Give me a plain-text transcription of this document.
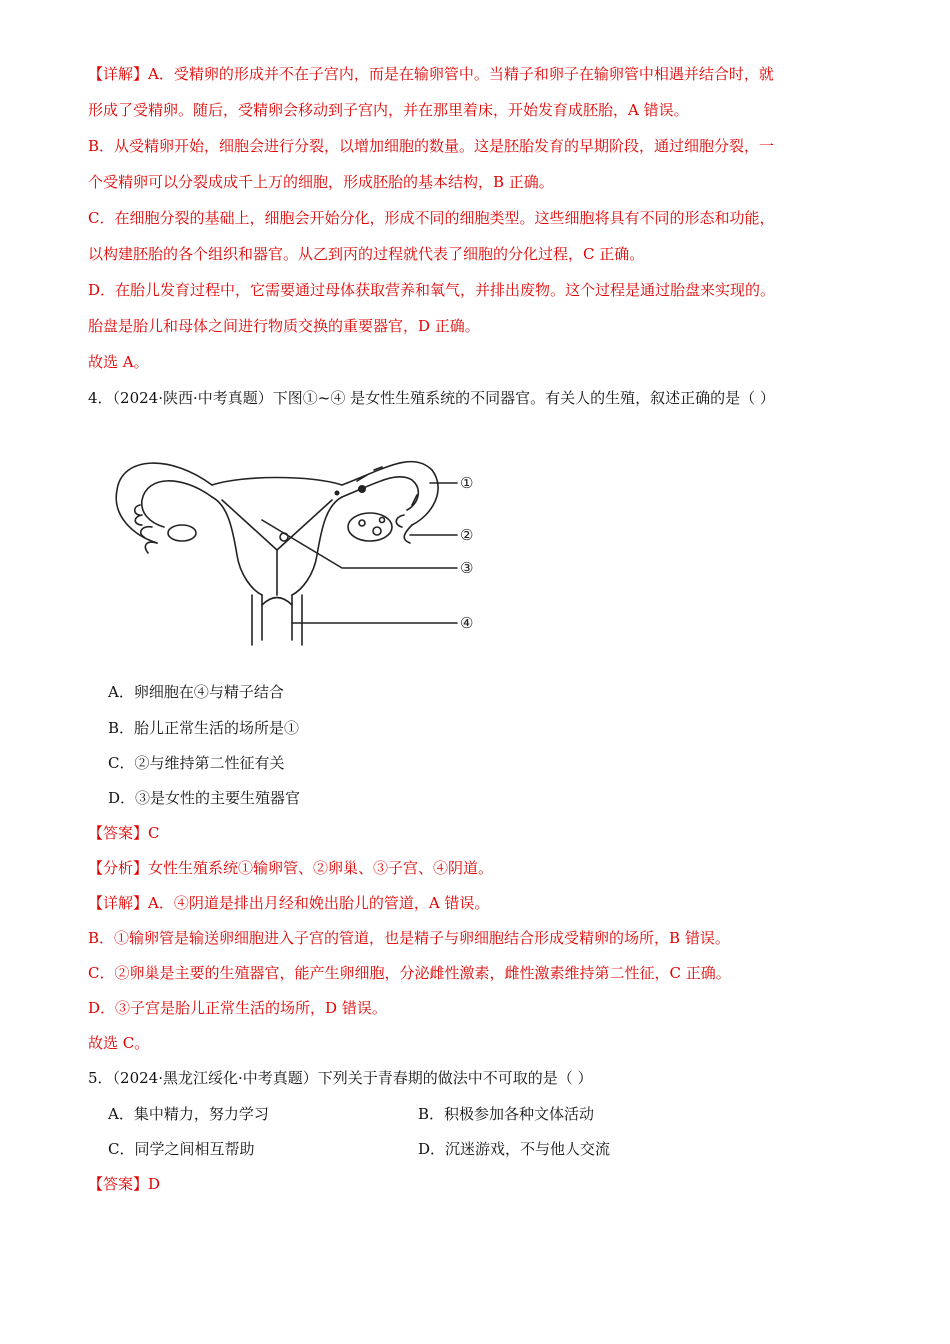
【详解】A．受精卵的形成并不在子宫内，而是在输卵管中。当精子和卵子在输卵管中相遇并结合时，就
形成了受精卵。随后，受精卵会移动到子宫内，并在那里着床，开始发育成胚胎，A 错误。
B．从受精卵开始，细胞会进行分裂，以增加细胞的数量。这是胚胎发育的早期阶段，通过细胞分裂，一
个受精卵可以分裂成成千上万的细胞，形成胚胎的基本结构，B 正确。
C．在细胞分裂的基础上，细胞会开始分化，形成不同的细胞类型。这些细胞将具有不同的形态和功能，
以构建胚胎的各个组织和器官。从乙到丙的过程就代表了细胞的分化过程，C 正确。
D．在胎儿发育过程中，它需要通过母体获取营养和氧气，并排出废物。这个过程是通过胎盘来实现的。
胎盘是胎儿和母体之间进行物质交换的重要器官，D 正确。
故选 A。
4．（2024·陕西·中考真题）下图①~④ 是女性生殖系统的不同器官。有关人的生殖，叙述正确的是（ ）
①
②
③
④
A．卵细胞在④与精子结合
B．胎儿正常生活的场所是①
C．②与维持第二性征有关
D．③是女性的主要生殖器官
【答案】C
【分析】女性生殖系统①输卵管、②卵巢、③子宫、④阴道。
【详解】A．④阴道是排出月经和娩出胎儿的管道，A 错误。
B．①输卵管是输送卵细胞进入子宫的管道，也是精子与卵细胞结合形成受精卵的场所，B 错误。
C．②卵巢是主要的生殖器官，能产生卵细胞，分泌雌性激素，雌性激素维持第二性征，C 正确。
D．③子宫是胎儿正常生活的场所，D 错误。
故选 C。
5．（2024·黑龙江绥化·中考真题）下列关于青春期的做法中不可取的是（ ）
A．集中精力，努力学习	B．积极参加各种文体活动
C．同学之间相互帮助	D．沉迷游戏，不与他人交流
【答案】D
